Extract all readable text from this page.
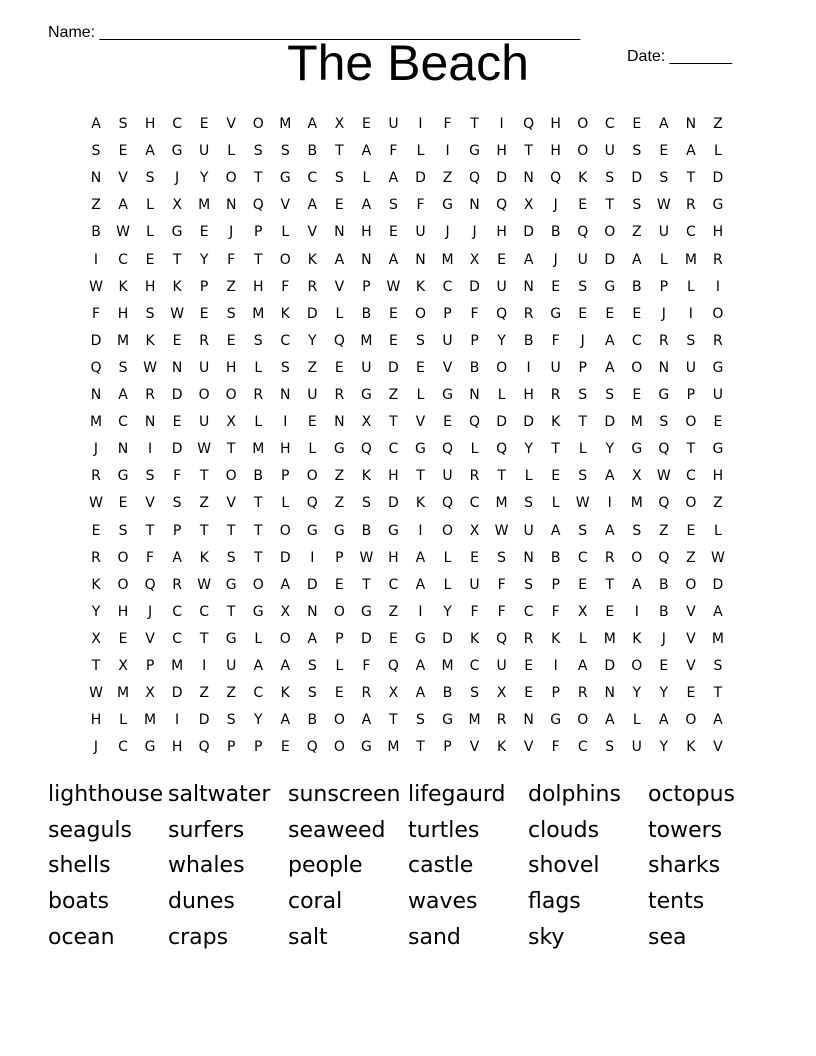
Name: ______________________________________________________

Date: _______

The Beach
A	S	H	C	E	V	O	M	A	X	E	U	I	F	T	I	Q	H	O	C	E	A	N	Z
S	E	A	G	U	L	S	S	B	T	A	F	L	I	G	H	T	H	O	U	S	E	A	L
N	V	S	J	Y	O	T	G	C	S	L	A	D	Z	Q	D	N	Q	K	S	D	S	T	D
Z	A	L	X	M	N	Q	V	A	E	A	S	F	G	N	Q	X	J	E	T	S	W	R	G
B	W	L	G	E	J	P	L	V	N	H	E	U	J	J	H	D	B	Q	O	Z	U	C	H
I	C	E	T	Y	F	T	O	K	A	N	A	N	M	X	E	A	J	U	D	A	L	M	R
W	K	H	K	P	Z	H	F	R	V	P	W	K	C	D	U	N	E	S	G	B	P	L	I
F	H	S	W	E	S	M	K	D	L	B	E	O	P	F	Q	R	G	E	E	E	J	I	O
D	M	K	E	R	E	S	C	Y	Q	M	E	S	U	P	Y	B	F	J	A	C	R	S	R
Q	S	W	N	U	H	L	S	Z	E	U	D	E	V	B	O	I	U	P	A	O	N	U	G
N	A	R	D	O	O	R	N	U	R	G	Z	L	G	N	L	H	R	S	S	E	G	P	U
M	C	N	E	U	X	L	I	E	N	X	T	V	E	Q	D	D	K	T	D	M	S	O	E
J	N	I	D	W	T	M	H	L	G	Q	C	G	Q	L	Q	Y	T	L	Y	G	Q	T	G
R	G	S	F	T	O	B	P	O	Z	K	H	T	U	R	T	L	E	S	A	X	W	C	H
W	E	V	S	Z	V	T	L	Q	Z	S	D	K	Q	C	M	S	L	W	I	M	Q	O	Z
E	S	T	P	T	T	T	O	G	G	B	G	I	O	X	W	U	A	S	A	S	Z	E	L
R	O	F	A	K	S	T	D	I	P	W	H	A	L	E	S	N	B	C	R	O	Q	Z	W
K	O	Q	R	W	G	O	A	D	E	T	C	A	L	U	F	S	P	E	T	A	B	O	D
Y	H	J	C	C	T	G	X	N	O	G	Z	I	Y	F	F	C	F	X	E	I	B	V	A
X	E	V	C	T	G	L	O	A	P	D	E	G	D	K	Q	R	K	L	M	K	J	V	M
T	X	P	M	I	U	A	A	S	L	F	Q	A	M	C	U	E	I	A	D	O	E	V	S
W	M	X	D	Z	Z	C	K	S	E	R	X	A	B	S	X	E	P	R	N	Y	Y	E	T
H	L	M	I	D	S	Y	A	B	O	A	T	S	G	M	R	N	G	O	A	L	A	O	A
J	C	G	H	Q	P	P	E	Q	O	G	M	T	P	V	K	V	F	C	S	U	Y	K	V
lighthouse saltwater sunscreen lifegaurd dolphins octopus
seaguls surfers seaweed turtles clouds towers
shells	whales people castle shovel sharks
boats	dunes coral	waves flags	tents
ocean craps	salt	sand	sky	sea
